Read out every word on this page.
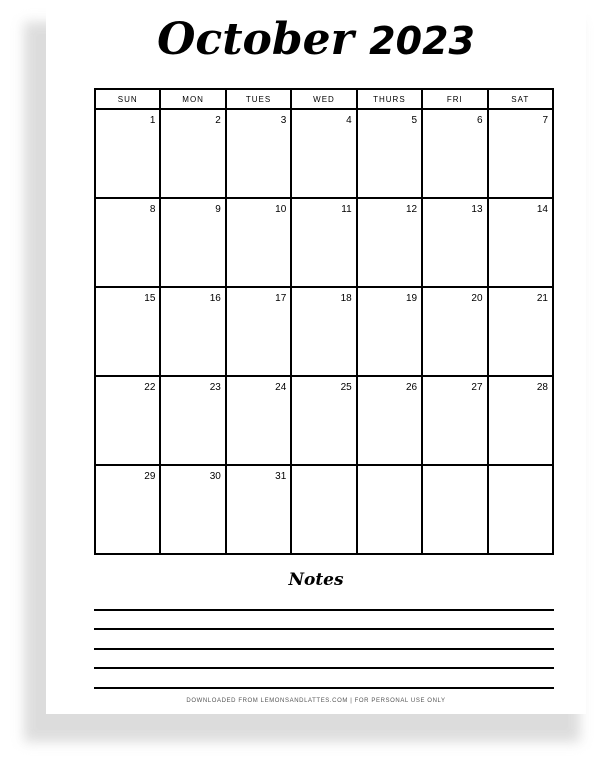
October 2023
SUN	MON	TUES	WED	THURS	FRI	SAT

1	2	3	4	5	6	7

8	9	10	11	12	13	14

15	16	17	18	19	20	21

22	23	24	25	26	27	28

29	30	31				

Notes
DOWNLOADED FROM LEMONSANDLATTES.COM | FOR PERSONAL USE ONLY
